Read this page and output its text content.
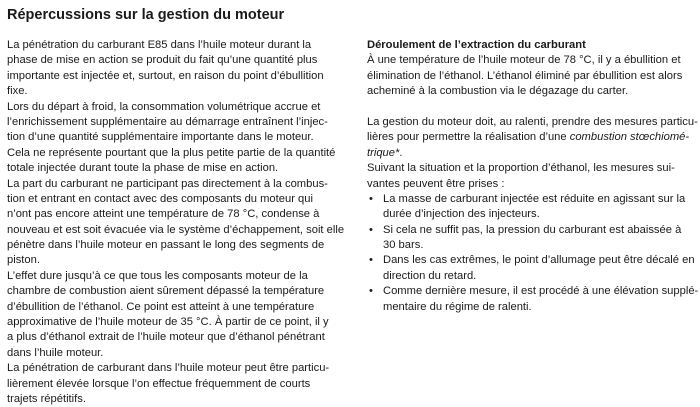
Répercussions sur la gestion du moteur
La pénétration du carburant E85 dans l’huile moteur durant la
phase de mise en action se produit du fait qu’une quantité plus
importante est injectée et, surtout, en raison du point d’ébullition
fixe.
Lors du départ à froid, la consommation volumétrique accrue et
l’enrichissement supplémentaire au démarrage entraînent l’injec-
tion d’une quantité supplémentaire importante dans le moteur.
Cela ne représente pourtant que la plus petite partie de la quantité
totale injectée durant toute la phase de mise en action.
La part du carburant ne participant pas directement à la combus-
tion et entrant en contact avec des composants du moteur qui
n’ont pas encore atteint une température de 78 °C, condense à
nouveau et est soit évacuée via le système d’échappement, soit elle
pénètre dans l’huile moteur en passant le long des segments de
piston.
L’effet dure jusqu’à ce que tous les composants moteur de la
chambre de combustion aient sûrement dépassé la température
d’ébullition de l’éthanol. Ce point est atteint à une température
approximative de l’huile moteur de 35 °C. À partir de ce point, il y
a plus d’éthanol extrait de l’huile moteur que d’éthanol pénétrant
dans l’huile moteur.
La pénétration de carburant dans l’huile moteur peut être particu-
lièrement élevée lorsque l’on effectue fréquemment de courts
trajets répétitifs.
Déroulement de l’extraction du carburant
À une température de l’huile moteur de 78 °C, il y a ébullition et
élimination de l’éthanol. L’éthanol éliminé par ébullition est alors
acheminé à la combustion via le dégazage du carter.
La gestion du moteur doit, au ralenti, prendre des mesures particu-
lières pour permettre la réalisation d’une combustion stœchiomé-
trique*.
Suivant la situation et la proportion d’éthanol, les mesures sui-
vantes peuvent être prises :
• La masse de carburant injectée est réduite en agissant sur la
durée d’injection des injecteurs.
• Si cela ne suffit pas, la pression du carburant est abaissée à
30 bars.
• Dans les cas extrêmes, le point d’allumage peut être décalé en
direction du retard.
• Comme dernière mesure, il est procédé à une élévation supplé-
mentaire du régime de ralenti.
